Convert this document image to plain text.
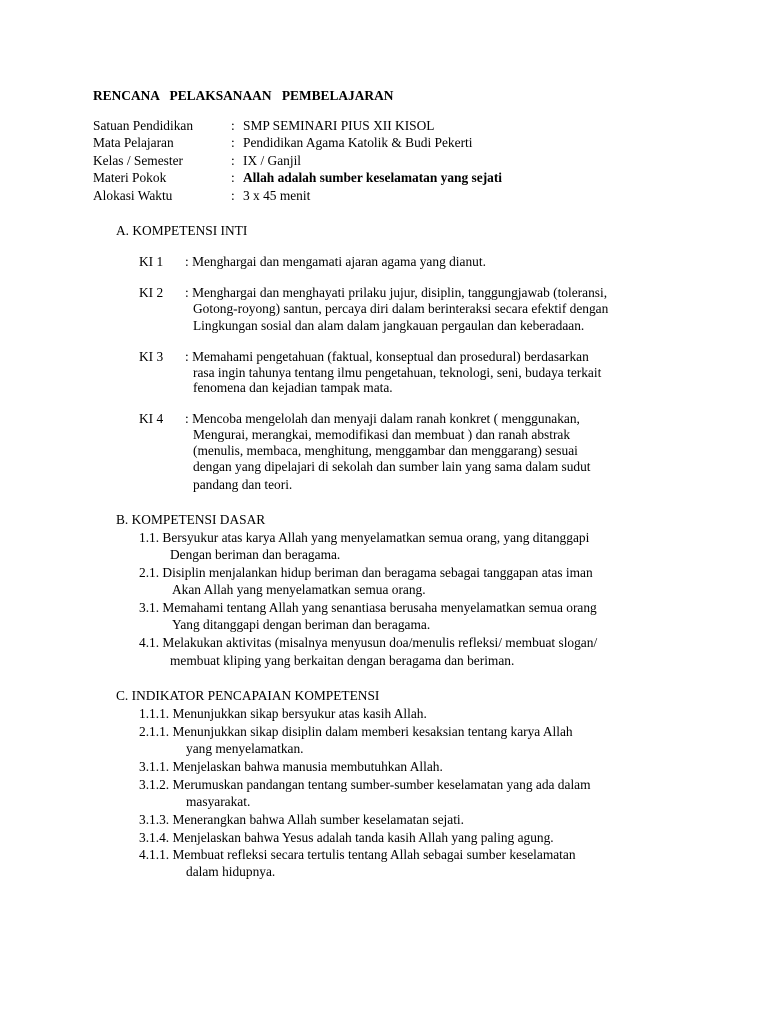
RENCANA PELAKSANAAN PEMBELAJARAN
Satuan Pendidikan	: SMP SEMINARI PIUS XII KISOL
Mata Pelajaran	: Pendidikan Agama Katolik & Budi Pekerti
Kelas / Semester	: IX / Ganjil
Materi Pokok	: Allah adalah sumber keselamatan yang sejati
Alokasi Waktu	: 3 x 45 menit
A. KOMPETENSI INTI
KI 1 : Menghargai dan mengamati ajaran agama yang dianut.
KI 2 : Menghargai dan menghayati prilaku jujur, disiplin, tanggungjawab (toleransi,
Gotong-royong) santun, percaya diri dalam berinteraksi secara efektif dengan
Lingkungan sosial dan alam dalam jangkauan pergaulan dan keberadaan.
KI 3 : Memahami pengetahuan (faktual, konseptual dan prosedural) berdasarkan
rasa ingin tahunya tentang ilmu pengetahuan, teknologi, seni, budaya terkait
fenomena dan kejadian tampak mata.
KI 4 : Mencoba mengelolah dan menyaji dalam ranah konkret ( menggunakan,
Mengurai, merangkai, memodifikasi dan membuat ) dan ranah abstrak
(menulis, membaca, menghitung, menggambar dan menggarang) sesuai
dengan yang dipelajari di sekolah dan sumber lain yang sama dalam sudut
pandang dan teori.
B. KOMPETENSI DASAR
1.1. Bersyukur atas karya Allah yang menyelamatkan semua orang, yang ditanggapi
Dengan beriman dan beragama.
2.1. Disiplin menjalankan hidup beriman dan beragama sebagai tanggapan atas iman
Akan Allah yang menyelamatkan semua orang.
3.1. Memahami tentang Allah yang senantiasa berusaha menyelamatkan semua orang
Yang ditanggapi dengan beriman dan beragama.
4.1. Melakukan aktivitas (misalnya menyusun doa/menulis refleksi/ membuat slogan/
membuat kliping yang berkaitan dengan beragama dan beriman.
C. INDIKATOR PENCAPAIAN KOMPETENSI
1.1.1. Menunjukkan sikap bersyukur atas kasih Allah.
2.1.1. Menunjukkan sikap disiplin dalam memberi kesaksian tentang karya Allah
yang menyelamatkan.
3.1.1. Menjelaskan bahwa manusia membutuhkan Allah.
3.1.2. Merumuskan pandangan tentang sumber-sumber keselamatan yang ada dalam
masyarakat.
3.1.3. Menerangkan bahwa Allah sumber keselamatan sejati.
3.1.4. Menjelaskan bahwa Yesus adalah tanda kasih Allah yang paling agung.
4.1.1. Membuat refleksi secara tertulis tentang Allah sebagai sumber keselamatan
dalam hidupnya.
